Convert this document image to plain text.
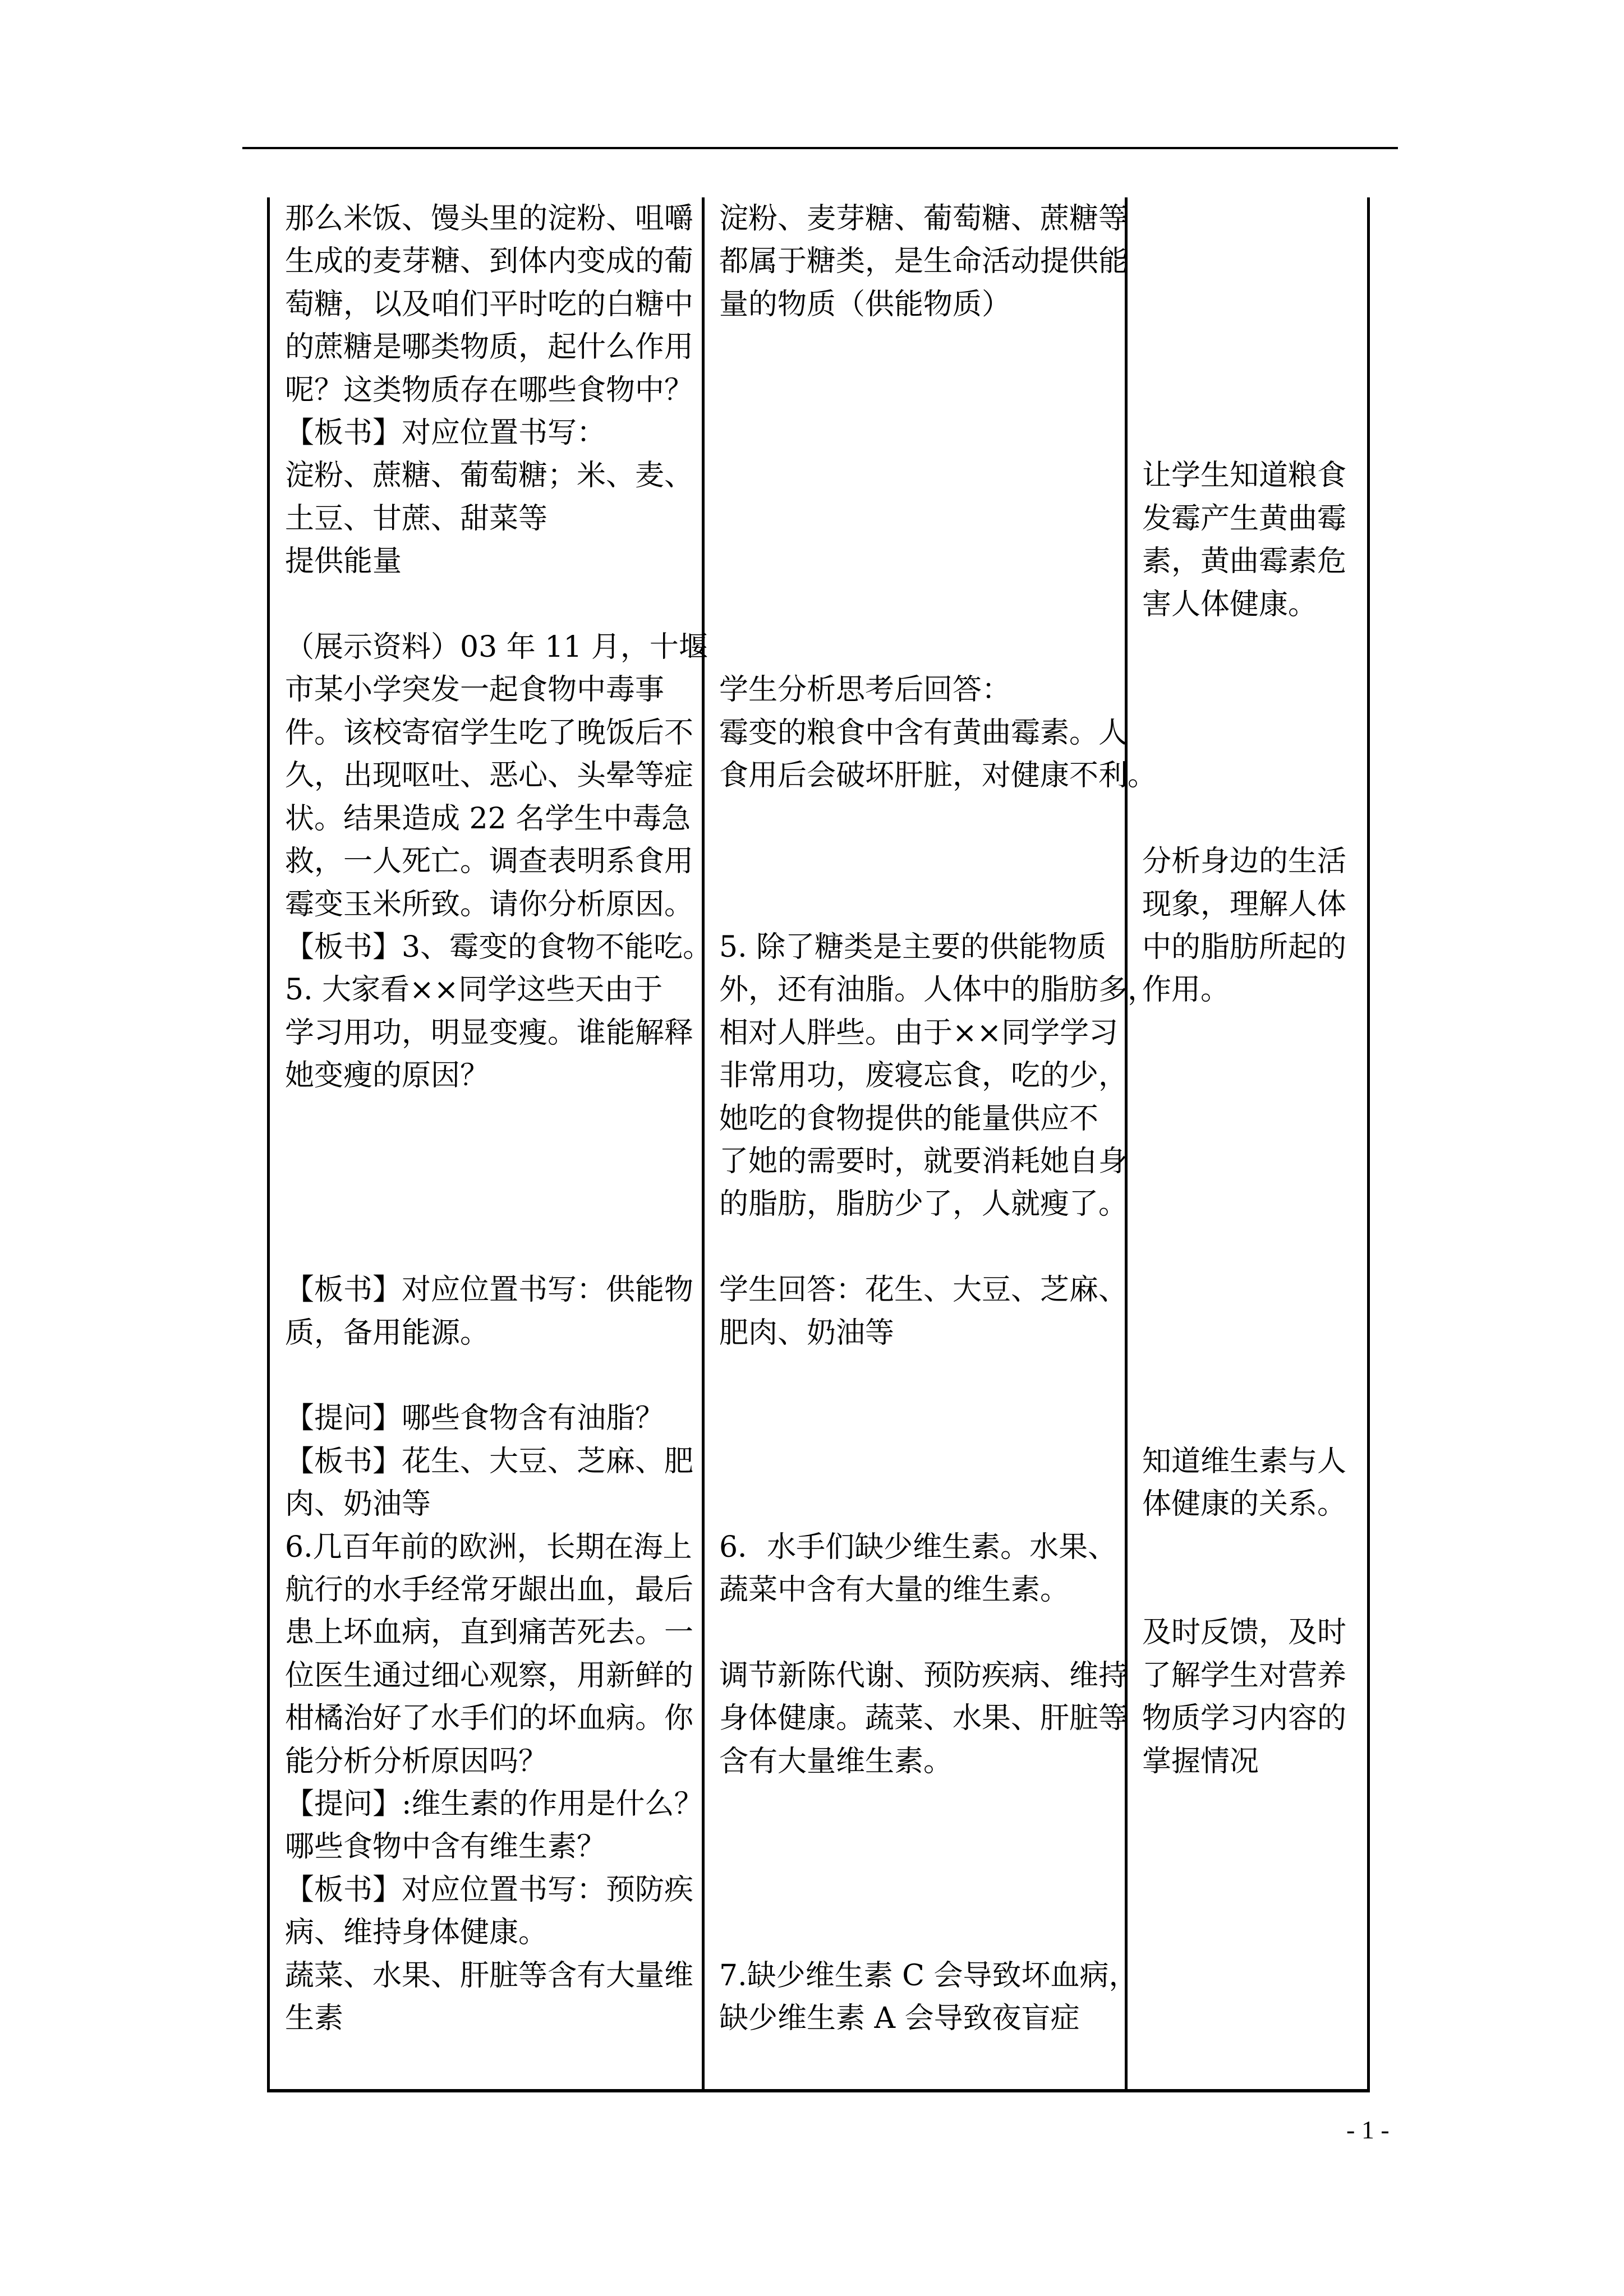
那么米饭、馒头里的淀粉、咀嚼

生成的麦芽糖、到体内变成的葡

萄糖，以及咱们平时吃的白糖中

的蔗糖是哪类物质，起什么作用

呢？这类物质存在哪些食物中？

【板书】对应位置书写：

淀粉、蔗糖、葡萄糖；米、麦、

土豆、甘蔗、甜菜等

提供能量

（展示资料）03 年 11 月，十堰

市某小学突发一起食物中毒事

件。该校寄宿学生吃了晚饭后不

久，出现呕吐、恶心、头晕等症

状。结果造成 22 名学生中毒急

救，一人死亡。调查表明系食用

霉变玉米所致。请你分析原因。

【板书】3、霉变的食物不能吃。

5. 大家看××同学这些天由于

学习用功，明显变瘦。谁能解释

她变瘦的原因？

【板书】对应位置书写：供能物

质，备用能源。

【提问】哪些食物含有油脂？

【板书】花生、大豆、芝麻、肥

肉、奶油等

6.几百年前的欧洲，长期在海上

航行的水手经常牙龈出血，最后

患上坏血病，直到痛苦死去。一

位医生通过细心观察，用新鲜的

柑橘治好了水手们的坏血病。你

能分析分析原因吗？

【提问】:维生素的作用是什么？

哪些食物中含有维生素？

【板书】对应位置书写：预防疾

病、维持身体健康。

蔬菜、水果、肝脏等含有大量维

生素

淀粉、麦芽糖、葡萄糖、蔗糖等

都属于糖类，是生命活动提供能

量的物质（供能物质）

学生分析思考后回答：

霉变的粮食中含有黄曲霉素。人

食用后会破坏肝脏，对健康不利。

5. 除了糖类是主要的供能物质

外，还有油脂。人体中的脂肪多，

相对人胖些。由于××同学学习

非常用功，废寝忘食，吃的少，

她吃的食物提供的能量供应不

了她的需要时，就要消耗她自身

的脂肪，脂肪少了，人就瘦了。

学生回答：花生、大豆、芝麻、

肥肉、奶油等

6．水手们缺少维生素。水果、

蔬菜中含有大量的维生素。

调节新陈代谢、预防疾病、维持

身体健康。蔬菜、水果、肝脏等

含有大量维生素。

7.缺少维生素 C 会导致坏血病，

缺少维生素 A 会导致夜盲症

让学生知道粮食

发霉产生黄曲霉

素，黄曲霉素危

害人体健康。

分析身边的生活

现象，理解人体

中的脂肪所起的

作用。

知道维生素与人

体健康的关系。

及时反馈，及时

了解学生对营养

物质学习内容的

掌握情况

- 1 -
